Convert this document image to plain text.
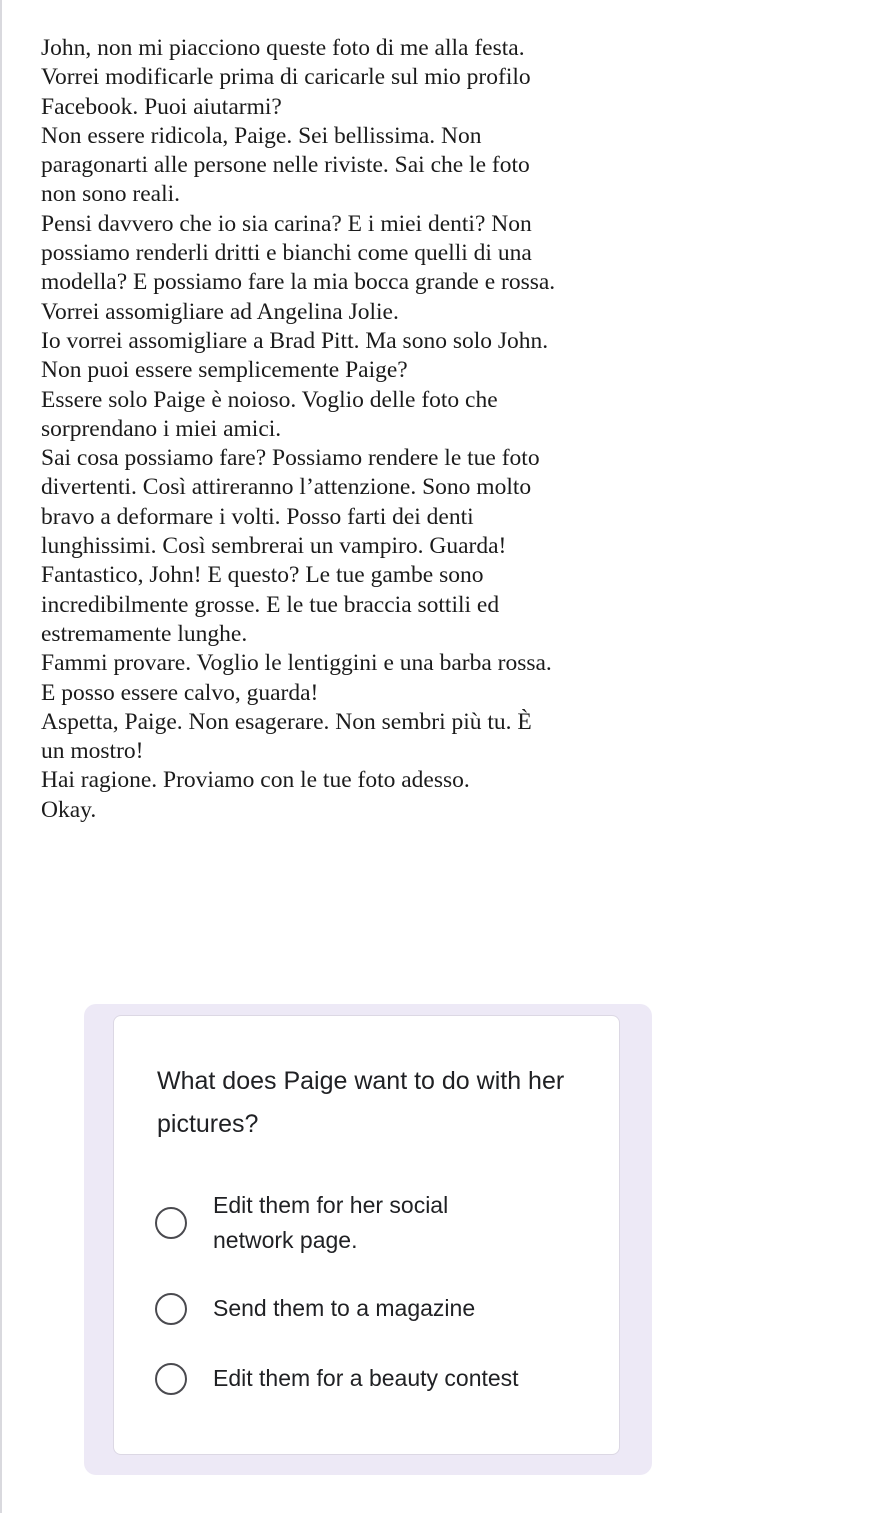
John, non mi piacciono queste foto di me alla festa.
Vorrei modificarle prima di caricarle sul mio profilo
Facebook. Puoi aiutarmi?
Non essere ridicola, Paige. Sei bellissima. Non
paragonarti alle persone nelle riviste. Sai che le foto
non sono reali.
Pensi davvero che io sia carina? E i miei denti? Non
possiamo renderli dritti e bianchi come quelli di una
modella? E possiamo fare la mia bocca grande e rossa.
Vorrei assomigliare ad Angelina Jolie.
Io vorrei assomigliare a Brad Pitt. Ma sono solo John.
Non puoi essere semplicemente Paige?
Essere solo Paige è noioso. Voglio delle foto che
sorprendano i miei amici.
Sai cosa possiamo fare? Possiamo rendere le tue foto
divertenti. Così attireranno l’attenzione. Sono molto
bravo a deformare i volti. Posso farti dei denti
lunghissimi. Così sembrerai un vampiro. Guarda!
Fantastico, John! E questo? Le tue gambe sono
incredibilmente grosse. E le tue braccia sottili ed
estremamente lunghe.
Fammi provare. Voglio le lentiggini e una barba rossa.
E posso essere calvo, guarda!
Aspetta, Paige. Non esagerare. Non sembri più tu. È
un mostro!
Hai ragione. Proviamo con le tue foto adesso.
Okay.
What does Paige want to do with her pictures?
Edit them for her social network page.
Send them to a magazine
Edit them for a beauty contest
